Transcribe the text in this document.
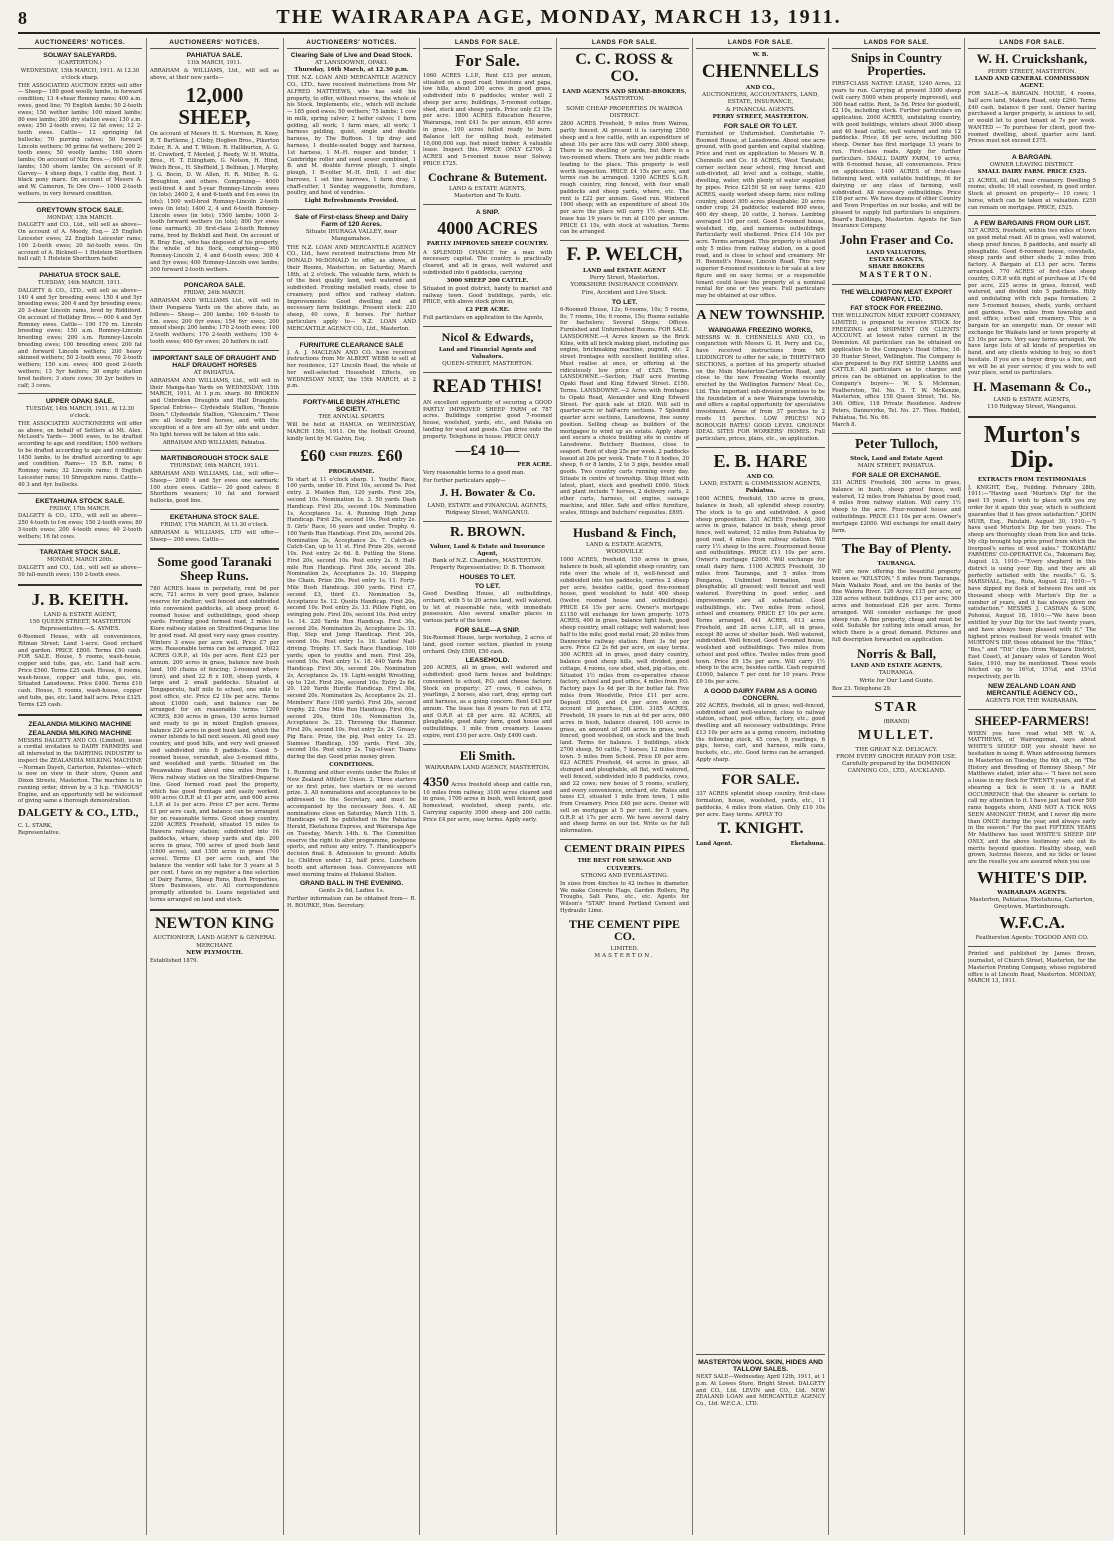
8	THE WAIRARAPA AGE, MONDAY, MARCH 13, 1911.
AUCTIONEERS' NOTICES.
SOLWAY SALEYARDS.
(CARTERTON.)
WEDNESDAY, 15th MARCH, 1911. At 12.30 o'clock sharp.
THE ASSOCIATED AUCTION EERS will offer— Sheep— 180 good woolly lambs, in forward condition; 13 4-shear Romney rams; 400 a.m. ewes, good line; 70 English lambs; 50 2-tooth ewes; 150 wether lambs; 100 mixed lambs; 80 ewe lambs; 200 dry station ewes; 130 s.m. ewes; 250 2-tooth ewes; 12 fat ewes; 12 2-tooth ewes. Cattle— 12 springing fat bullocks; 70 purring calves; 50 forward Lincoln wethers; 90 prime fat wethers; 200 2-tooth ewes; 50 woolly lambs; 160 shorn lambs; On account of Nitz Bros.—; 600 woolly lambs; 150 shorn lambs; On account of P. Garvey— 4 sheep dogs, 1 cattle dog, Reid. 1 black pony mare. On account of Messrs A. and W. Cameron, Te Ore Ore— 1000 2-tooth wethers, in very forward condition.
GREYTOWN STOCK SALE.
MONDAY, 13th MARCH.
DALGETY and CO., Ltd., will sell as above— On account of A. Moody, Esq.— 25 English Leicester ewes; 22 English Leicester rams; 100 2-tooth ewes; 20 fat-tooth ewes. On account of A. Bicknell— 1 Holstein Shorthorn bull calf; 1 Holstein Shorthorn heifer.
PAHIATUA STOCK SALE.
TUESDAY, 14th MARCH, 1911.
DALGETY & CO., LTD., will sell as above— 140 4 and 5yr breeding ewes; 150 4 and 5yr breeding ewes; 200 4 and 5yr breeding ewes; 20 3-shear Lincoln rams, bred by Riddiford. On account of Holliday Bros.— 600 4 and 5yr Romney ewes. Cattle— 190 170 rn. Lincoln breeding ewes; 150 a.m. Romney-Lincoln breeding ewes; 200 s.m. Romney-Lincoln breeding ewes; 100 breeding ewes; 200 fat and forward Lincoln wethers; 200 heavy skinned wethers; 50 2-tooth ewes; 70 2-tooth wethers; 150 s.m. ewes; 400 good 2-tooth wethers; 13 5yr heifers; 30 empty station bred heifers; 3 store cows; 30 2yr heifers in calf; 3 cows.
UPPER OPAKI SALE.
TUESDAY, 14th MARCH, 1911, At 12.30 o'clock.
THE ASSOCIATED AUCTIONEERS will offer as above, on behalf of Settlers at Mt. Alex. McLeod's Yards— 3600 ewes, to be drafted according to age and condition; 1500 wethers to be drafted according to age and condition; 1450 lambs, to be drafted according to age and condition. Rams— 15 B.R. rams; 6 Romney rams; 32 Lincoln rams; 8 English Leicester rams; 10 Shropshire rams. Cattle— 40 3 and 4yr. bullocks.
EKETAHUNA STOCK SALE.
FRIDAY, 17th MARCH.
DALGETY & CO., LTD., will sell as above— 250 4-tooth to f-m ewes; 150 2-tooth ewes; 80 5-tooth ewes; 200 4-tooth ewes; 40 2-tooth wethers; 16 fat cows.
TARATAHI STOCK SALE.
MONDAY, MARCH 20th.
DALGETY and CO., Ltd., will sell as above— 50 full-mouth ewes; 150 2-tooth ewes.
J. B. KEITH.
LAND & ESTATE AGENT,
150 QUEEN STREET, MASTERTON
Representative.—S. AYMES.
6-Roomed House, with all conveniences, Ritman Street; Land 1-acre. Good orchard and garden. PRICE £800. Terms £50 cash. FOR SALE. House, 5 rooms, wash-house, copper and tubs, gas, etc. Land half acre. Price £560. Terms £25 cash. House, 6 rooms, wash-house, copper and tubs, gas, etc. Situated Lansdowne. Price £400. Terms £10 cash. House, 5 rooms, wash-house, copper and tubs, gas, etc. Land half acre. Price £325. Terms £25 cash.
ZEALANDIA MILKING MACHINE
ZEALANDIA MILKING MACHINE
MESSRS DALGETY AND CO. (Limited), issue a cordial invitation to DAIRY FARMERS and all interested in the DAIRYING INDUSTRY to inspect the ZEALANDIA MILKING MACHINE—Norman Dayeh, Carterton, Patentee—which is now on view in their store, Queen and Dixon Streets, Masterton. The machine is in running order, driven by a 3 h.p. "FAMOUS" Engine, and an opportunity will be welcomed of giving same a thorough demonstration.
DALGETY & CO., LTD.,
C. L. STARK,
Representative.
AUCTIONEERS' NOTICES.
PAHIATUA SALE.
11th MARCH, 1911.
ABRAHAM & WILLIAMS, Ltd., will sell as above, at their new yards—
12,000 SHEEP,
On account of Messrs H. S. Morrison, R. Keey, R. T. Bartleme, J. Clisby, Hogben Bros., Pikerton Esler, R. A. and T. Wilson, R. Halliburton, A. G. H. Crawford, T. Mexted, J. Reedy, W. H. Whitta, Bros., H. T. Ellingham, G. Nelson, H. Hind, Welch Bros., H. Sheffield, J. Bellman, J. Murphy, J. G. Bocin, D. W. Allen, H. R. Miller, R. G. Broughton, and others. Comprising— 4000 well-bred 4 and 5-year Romney-Lincoln ewes (in lots); 2400 2, 4 and 6-tooth and f-m ewes (in lots); 1500 well-bred Romney-Lincoln 2-tooth ewes (in lots); 1400 2, 4 and 6-tooth Romney-Lincoln ewes (in lots); 1500 lambs; 1000 2-tooth forward wethers (in lots); 800 5yr ewes (one earmark); 30 first-class 2-tooth Romney rams, bred by Bickhill and Reid. On account of R. Bray Esq., who has disposed of his property, the whole of his flock, comprising— 900 Romney-Lincoln 2, 4 and 6-tooth ewes; 300 4 and 5yr ewes; 400 Romney-Lincoln ewe lambs; 300 forward 2-tooth wethers.
PONCAROA SALE.
FRIDAY, 24th MARCH.
ABRAHAM AND WILLIAMS Ltd., will sell in their Pongaroa Yards on the above date, as follows— Sheep— 200 lambs; 160 6-tooth to f.m. ewes; 200 6yr ewes; 154 6yr ewes; 200 mixed sheep; 200 lambs; 170 2-tooth ewes; 100 2-tooth wethers; 170 2-tooth wethers; 150 4-tooth ewes; 400 6yr ewes; 20 heifers in calf.
IMPORTANT SALE OF DRAUGHT AND HALF DRAUGHT HORSES
AT PAHIATUA.
ABRAHAM AND WILLIAMS, Ltd., will sell in their Manga-hao Yards on WEDNESDAY, 15th MARCH, 1911, At 1 p.m. sharp. 80 BROKEN and Unbroken Draughts and Half Draughts. Special Entries— Clydesdale Stallion, "Bonnie Doon." Clydesdale Stallion, "Glencairn." These are all locally bred horses, and with the exception of a few are all 5yr olds and under. No light horses will be taken at this sale.
ABRAHAM AND WILLIAMS, Pahiatua.
MARTINBOROUGH STOCK SALE
THURSDAY, 16th MARCH, 1911.
ABRAHAM AND WILLIAMS, Ltd., will offer— Sheep— 2000 4 and 5yr ewes one earmark; 100 store ewes. Cattle— 20 good calves; 8 Shorthorn weaners; 10 fat and forward bullocks, good line.
EKETAHUNA STOCK SALE.
FRIDAY, 17th MARCH, At 11.30 o'clock.
ABRAHAM & WILLIAMS, LTD will offer— Sheep— 200 ewes. Cattle—
Some good Taranaki Sheep Runs.
780 ACRES lease in perpetuity, rent 9d per acre, 721 acres in very good grass, balance reserve for shelter; well fenced and subdivided into convenient paddocks, all sheep proof; 6-roomed house and outbuildings, good sheep yards. Fronting good formed road, 3 miles to Kiore railway station on Stratford-Ongarue line by good road. All good very easy grass country. Winters 3 ewes per acre well. Price £7 per acre. Reasonable terms can be arranged. 1022 ACRES O.R.P., at 10s per acre. Rent £23 per annum. 200 acres in grass, balance new bush land. 100 chains of fencing; 2-roomed where (iron), and shed 22 ft x 10ft, sheep yards, 4 large and 2 small paddocks. Situated at Tongaporutu, half mile to school, one mile to post office, etc. Price £2 10s per acre. Terms about £1000 cash, and balance can be arranged for on reasonable terms. 1200 ACRES, 830 acres in grass, 150 acres burned and ready to go in mixed English grasses, balance 220 acres in good bush land, which the owner intends to fall next season. All good easy country, and good hills, and very well grassed and subdivided into 8 paddocks. Good 5-roomed house, verandah, also 3-roomed ditto, and woolshed and yards. Situated on the Pouawakino Road about nine miles from Te Wera railway station on the Stratford-Ongarue line. Good formed road past the property, which has good frontage and easily worked. 600 acres O.R.P. at £1 per acre, and 600 acres L.I.P. at 1s per acre. Price £7 per acre. Terms £1 per acre cash, and balance can be arranged for on reasonable terms. Good sheep country. 2200 ACRES Freehold, situated 15 miles to Hawera railway station; subdivided into 16 paddocks, whare, sheep yards and dip. 200 acres in grass, 700 acres of good bush land (1600 acres), and 1300 acres in grass (700 acres). Terms £1 per acre cash, and the balance the vendor will take for 5 years at 5 per cent. I have on my register a fine selection of Dairy Farms, Sheep Runs, Bush Properties, Store Businesses, etc. All correspondence promptly attended to. Loans negotiated and terms arranged on land and stock.
NEWTON KING
AUCTIONEER, LAND AGENT & GENERAL MERCHANT.
NEW PLYMOUTH.
Established 1879.
AUCTIONEERS' NOTICES.
Clearing Sale of Live and Dead Stock.
AT LANSDOWNE, OPAKI.
Thursday, 16th March, at 12.30 p.m.
THE N.Z. LOAN AND MERCANTILE AGENCY CO., LTD., have received instructions from Mr ALFRED MATTHEWS, who has sold his property, to offer, without reserve, the whole of his Stock, Implements, etc., which will include— 185 good ewes; 50 wethers; 75 lambs; 1 cow in milk, spring calver; 2 heifer calves; 1 farm gelding, all work; 1 farm mare, all work; 1 harness gelding, quiet, single and double harness, by The Buffoon. 1 tip dray and harness, 1 double-seated buggy and harness, 1st harness, 1 M.-H. reaper and binder, 1 Cambridge roller and seed sower combined, 1 B. and M. double furrow plough, 1 single plough, 1 B-colter M.-H. Drill, 1 set disc harrows, 1 set tine harrows, 1 farm dray, 1 chaff-cutter, 1 Sunday waggonette, furniture, poultry, and host of sundries.
Light Refreshments Provided.
Sale of First-class Sheep and Dairy Farm of 120 Acres.
Situate IHURAGA VALLEY, near Mangamahoe.
THE N.Z. LOAN AND MERCANTILE AGENCY CO., Ltd., have received instructions from Mr DONALD McDONALD to offer, as above, at their Rooms, Masterton, on Saturday, March 18th, at 2 o'clock. The valuable farm, which is of the best quality land, well watered and subdivided. Fronting metalled roads, close to creamery, post office and railway station. Improvements: Good dwelling and all necessary farm buildings. Present stock: 220 sheep, 40 cows, 8 horses. For further particulars apply to— N.Z. LOAN AND MERCANTILE AGENCY CO., Ltd., Masterton.
FURNITURE CLEARANCE SALE
J. A. J. MACLEAN AND CO. have received instructions from Mr ALBERT WEBB to sell at her residence, 127 Lincoln Road, the whole of her well-selected Household Effects, on WEDNESDAY NEXT, the 15th MARCH, at 2 p.m.
FORTY-MILE BUSH ATHLETIC SOCIETY.
THE ANNUAL SPORTS
Will be held at HAMUA on WEDNESDAY, MARCH 15th, 1911. On the football Ground, kindly lent by M. Galvin, Esq.
£60 CASH PRIZES. £60
PROGRAMME.
To start at 11 o'clock sharp. 1. Youths' Race, 100 yards, under 16. First 10s, second 5s. Post entry. 2. Maiden Run, 120 yards. First 20s, second 10s. Nomination 1s. 3. 50 yards Dash Handicap. First 20s, second 10s. Nomination 1s, Acceptance 1s. 4. Running High Jump Handicap. First 25s, second 10s. Post entry 2s. 5. Girls' Race, 16 years and under. Trophy. 6. 100 Yards Run Handicap. First 20s, second 20s. Nomination 2s, Acceptance 2s. 7. Catch-as-Catch-Can, up to 11 st. First Prize 20s, second 10s. Post entry 2s 6d. 8. Putting the Stone. First 20s, second 10s. Post entry 2s. 9. Half-mile Run Handicap. First 30s, second 20s. Nomination 2s, Acceptance 2s. 10. Stepping the Chain. Prize 20s. Post entry 1s. 11. Forty-Mile Bush Handicap. 300 yards. First £7, second £3, third £1. Nomination 5s, Acceptance 5s. 12. Quoits Handicap. First 20s, second 10s. Post entry 2s. 13. Pillow Fight, on swinging pole. First 20s, second 10s. Post entry 1s. 14. 220 Yards Run Handicap. First 30s, second 20s. Nomination 2s, Acceptance 2s. 15. Hop, Step and Jump Handicap. First 20s, second 10s. Post entry 1s. 16. Ladies' Nail-driving. Trophy. 17. Sack Race Handicap. 100 yards; open to youths and men. First 20s, second 10s. Post entry 1s. 18. 440 Yards Run Handicap. First 30s, second 20s. Nomination 2s, Acceptance 2s. 19. Light-weight Wrestling, up to 12st. First 20s, second 10s. Entry 2s 6d. 20. 120 Yards Hurdle Handicap. First 30s, second 20s. Nomination 2s, Acceptance 2s. 21. Members' Race (100 yards). First 20s, second trophy. 22. One Mile Run Handicap. First 60s, second 20s, third 10s. Nomination 3s, Acceptance 3s. 23. Throwing the Hammer. First 20s, second 10s. Post entry 2s. 24. Greasy Pig Race. Prize, the pig. Post entry 1s. 25. Siamese Handicap, 150 yards. First 30s, second 10s. Post entry 2s. Tug-of-war: Teams during the day. Good prize money given.
CONDITIONS.
1. Running and other events under the Rules of New Zealand Athletic Union. 2. Three starters or no first prize, two starters or no second prize. 3. All nominations and acceptances to be addressed to the Secretary, and must be accompanied by the necessary fees. 4. All nominations close on Saturday, March 11th. 5. Handicaps will be published in the Pahiatua Herald, Eketahuna Express, and Wairarapa Age on Tuesday, March 14th. 6. The Committee reserve the right to alter programme, postpone sports, and refuse any entry. 7. Handicapper's decision final. 8. Admission to ground: Adults 1s; Children under 12, half price. Luncheon booth and afternoon teas. Conveyances will meet morning trains at Hukanui Station.
GRAND BALL IN THE EVENING.
Gents 2s 6d, Ladies 1s.
Further information can be obtained from— R. H. BOURKE, Hon. Secretary.
LANDS FOR SALE.
For Sale.
1060 ACRES L.I.P., Rent £33 per annum, situated on a good road; limestone and papa, low hills, about 200 acres in good grass, subdivided into 6 paddocks; winter well 2 sheep per acre; buildings, 5-roomed cottage, shed, stock and sheep yards. Price only £3 15s per acre. 1800 ACRES Education Reserve, Wairarapa, rent £41 5s per annum, 450 acres in grass, 100 acres felled ready to burn. Balance left for milling bush, estimated 10,000,000 sup. feet mixed timber. A valuable lease. Inspect this. PRICE ONLY £2700. 2 ACRES and 5-roomed house near Solway. PRICE £725.
Cochrane & Butement.
LAND & ESTATE AGENTS,
Masterton and Te Kuiti.
A SNIP.
4000 ACRES
PARTLY IMPROVED SHEEP COUNTRY.
A SPLENDID CHANCE for a man with necessary capital. The country is practically cleared, and all in grass, well watered and subdivided into 6 paddocks, carrying
3000 SHEEP 200 CATTLE.
Situated in good district, handy to market and railway town. Good buildings, yards, etc. PRICE, with above stock given in,
£2 PER ACRE.
Full particulars on application to the Agents,
Nicol & Edwards,
Land and Financial Agents and Valuators.
QUEEN-STREET, MASTERTON.
READ THIS!
AN excellent opportunity of securing a GOOD PARTLY IMPROVED SHEEP FARM of 787 acres. Buildings comprise good 7-roomed house, woolshed, yards, etc., and Pataka on landing for wool and goods. Can drive onto the property. Telephone in house. PRICE ONLY
—£4 10—
PER ACRE.
Very reasonable terms to a good man.
For further particulars apply—
J. H. Bowater & Co.
LAND, ESTATE and FINANCIAL AGENTS,
Ridgway Street, WANGANUI.
R. BROWN.
Valuer, Land & Estate and Insurance Agent,
Bank of N.Z. Chambers, MASTERTON.
Property Representative: D. B. Thomson
HOUSES TO LET.
TO LET.
Good Dwelling House, all outbuildings, orchard, with 5 to 20 acres land, well watered, to let at reasonable rate, with immediate possession. Also several smaller places in various parts of the town.
FOR SALE—A SNIP.
Six-Roomed House, large workshop, 2 acres of land, good corner section, planted in young orchard. Only £500, £50 cash.
LEASEHOLD.
200 ACRES, all in grass, well watered and subdivided; good farm house and buildings; convenient to school, P.O. and cheese factory. Stock on property: 27 cows, 6 calves, 6 yearlings, 2 horses, also cart, dray, spring cart and harness, as a going concern. Rent £43 per annum. The lease has 8 years to run at £72, and O.R.P. at £8 per acre. 82 ACRES, all ploughable, good dairy farm, good house and outbuildings, 1 mile from creamery. Leases expire, rent £10 per acre. Only £400 cash.
Eli Smith.
WAIRARAPA LAND AGENCY, MASTERTON.
4350 Acres freehold sheep and cattle run, 10 miles from railway, 3100 acres cleared and in grass, 1700 acres in bush, well fenced, good homestead, woolshed, sheep yards, etc. Carrying capacity 3500 sheep and 200 cattle. Price £4 per acre, easy terms. Apply early.
LANDS FOR SALE.
C. C. ROSS & CO.
LAND AGENTS AND SHARE-BROKERS,
MASTERTON.
SOME CHEAP PROPERTIES IN WAIROA DISTRICT.
2800 ACRES Freehold, 9 miles from Wairoa, partly fenced. At present it is carrying 2500 sheep and a few cattle, with an expenditure of about 10s per acre this will carry 3000 sheep. There is no dwelling or yards, but there is a two-roomed where. There are two public roads leading to the place. This property is well worth inspection. PRICE £4 15s per acre, and terms can be arranged. 1200 ACRES S.G.R. rough country, ring fenced, with four small paddocks and sheep yards, where, etc. The rent is £22 per annum. Good run. Wintered 1900 sheep; with an expenditure of about 10s per acre the place will carry 1½ sheep. The lease has 19 years to run at £100 per annum. PRICE £1 15s, with stock at valuation. Terms can be arranged.
F. P. WELCH,
LAND and ESTATE AGENT
Perry Street, Masterton.
YORKSHIRE INSURANCE COMPANY.
Fire, Accident and Live Stock.
TO LET.
6-Roomed House, 12s; 6-rooms, 10s; 5 rooms, 8s; 7 rooms, 16s; 6 rooms, 15s; Rooms suitable for bachelors; Several Shops; Offices. Furnished and Unfurnished Rooms. FOR SALE. LANSDOWNE.—4 Acres known as the Brick Kilns, with all brick making plant, including gas engine, brickmaking machine, pugmill, etc. 2 street frontages with excellent building sites. Must realise at once, or offering at the ridiculously low price of £525. Terms. LANSDOWNE.—Section, Half acre fronting Opaki Road and King Edward Street. £150. Terms. LANSDOWNE.—2 Acres with frontages to Opaki Road, Alexander and King Edward Street. For quick sale at £620. Will sell in quarter-acre or half-acre sections. 7 Splendid quarter acre sections, Lansdowne, fine sunny position. Selling cheap as builders of the mortgagee to wind up an estate. Apply sharp and secure a choice building site in centre of Lansdowne. Butchery Business, close to seaport. Rent of shop 25s per week. 2 paddocks leased at 20s per week. Trade 7 to 8 bodies, 30 sheep, 6 or 8 lambs, 2 to 3 pigs, besides small goods. Two country carts running every day. Situate in centre of township. Shop fitted with latest, plant, stock and goodwill £600. Stock and plant include 7 horses, 2 delivery carts, 2 other carts, harness, oil engine, sausage machine, and filler. Safe and office furniture, scales, fittings and butchers' requisites. £895.
Husband & Finch,
LAND & ESTATE AGENTS,
WOODVILLE
1000 ACRES, freehold, 150 acres in grass, balance in bush, all splendid sheep country, can ride over the whole of it, well-fenced and subdivided into ten paddocks, carries 2 sheep per acre, besides cattle, good five-roomed house, good woolshed to hold 400 sheep (twelve roomed house and outbuildings). PRICE £4 15s per acre. Owner's mortgage £1150 will exchange for town property. 1075 ACRES, 400 in grass, balance light bush, good sheep country, small cottage; well watered; less half to the mile; good metal road; 20 miles from Dannevirke railway station. Rent 3s 9d per acre. Price £2 2s 6d per acre, on easy terms. 300 ACRES all in grass, good dairy country, balance good sheep hills, well divided, good cottage, 4 rooms, cow shed, shed, pig-sties, etc. Situated 1½ miles from co-operative cheese factory, school and post office, 4 miles from P.O. Factory pays 1s 4d per lb for butter fat. Five miles from Woodville, Price £11 per acre. Deposit £500, and £4 per acre down on account of purchase, £300. 3185 ACRES, Freehold, 16 years to run at 6d per acre, 660 acres in bush, balance cleared, 100 acres in grass, an amount of 200 acres in grass, well fenced, good woolshed, on stock and the bush land. Terms for balance. 1 buildings, stock 2700 sheep, 50 cattle, 7 horses; 12 miles from town. 5 miles from School. Price £6 per acre. 623 ACRES Freehold, 44 acres in grass, all stumped and ploughable, all flat, well watered, well fenced, subdivided into 8 paddocks, cows, and 22 cows; new house of 5 rooms, scullery, and every convenience, orchard, etc. Rates and taxes £3, situated 1 mile from town, 1 mile from Creamery. Price £40 per acre. Owner will sell on mortgage at 5 per cent. for 5 years. O.R.P. at 17s per acre. We have several dairy and sheep farms on our list. Write us for full information.
CEMENT DRAIN PIPES
THE BEST FOR SEWAGE AND CULVERTS.
STRONG AND EVERLASTING.
In sizes from 4inches to 42 inches in diameter. We make Concrete Flags, Garden Rollers, Pig Troughs, Salt Pans, etc., etc. Agents for Wilson's "STAR" brand Portland Cement and Hydraulic Lime.
THE CEMENT PIPE CO.
LIMITED.
MASTERTON.
LANDS FOR SALE.
W. B.
CHENNELLS
AND CO.,
AUCTIONEERS, ACCOUNTANTS, LAND, ESTATE, INSURANCE,
& FINANCIAL AGENTS.
PERRY STREET, MASTERTON.
FOR SALE OR TO LET.
Furnished or Unfurnished. Comfortable 7-Roomed House, at Lansdowne. About one acre ground, with good garden and capital stabling. Price and rent on application to Messrs W. B. Chennells and Co. 18 ACRES, West Taratahi, corner section near school, ring fenced and sub-divided, all level and a cottage, stable, dwelling, water, with plenty of water supplied by pipes. Price £2150 SI on easy terms. 420 ACRES, easily worked sheep farm; nice rolling country, about 300 acres ploughable; 20 acres under crop; 24 paddocks; watered 600 ewes, 400 dry sheep, 20 cattle, 2 horses. Lambing averaged 116 per cent. Good 5-roomed house, woolshed, dip, and numerous outbuildings. Particularly well sheltered. Price £14 10s per acre. Terms arranged. This property is situated only 5 miles from railway station, on a good road, and is close to school and creamery. Mr H. Bennett's House, Lincoln Road. This very superior 6-roomed residence is for sale at a low figure and on easy terms; or a responsible tenant could lease the property at a nominal rental for one or two years. Full particulars may be obtained at our office.
A NEW TOWNSHIP.
WAINGAWA FREEZING WORKS,
MESSRS W. B. CHENNELLS AND CO., in conjunction with Messrs G. H. Perry and Co., have received instructions from MR LIDDINGTON to offer for sale, in THIRTY-TWO SECTIONS, a portion of his property situated on the Main Masterton-Carterton Road, and close to the new Freezing Works recently erected by the Wellington Farmers' Meat Co., Ltd. This important sub-division promises to be the foundation of a new Wairarapa township, and offers a capital opportunity for speculative investment. Areas of from 37 perches to 2 roods 15 perches. LOW PRICES! NO BOROUGH RATES! GOOD LEVEL GROUND! IDEAL SITES FOR WORKERS' HOMES. Full particulars, prices, plans, etc., on application.
E. B. HARE
AND CO.
LAND, ESTATE & COMMISSION AGENTS,
Pahiatua.
1000 ACRES, freehold, 150 acres in grass, balance in bush, all splendid sheep country. The stock is to go and subdivided. A good sheep proposition. 331 ACRES Freehold, 300 acres in grass, balance in bush, sheep proof fence, well watered, 12 miles from Pahiatua by good road, 4 miles from railway station. Will carry 1½ sheep to the acre. Fourroomed house and outbuildings. PRICE £11 10s per acre. Owner's mortgage £2000. Will exchange for small dairy farm. 1100 ACRES Freehold, 30 miles from Tauranga, and 5 miles from Pongaroa, Unlimited formation, most ploughable; all grassed; well fenced and well watered. Everything in good order, and improvements are all substantial. Good outbuildings, etc. Two miles from school, school and creamery. PRICE £7 10s per acre. Terms arranged. 641 ACRES, 613 acres Freehold, and 28 acres L.I.P., all in grass, except 80 acres of shelter bush. Well watered, subdivided. Well fenced. Good 6-roomed house, woolshed and outbuildings. Two miles from school and post office. Twelve miles from good town. Price £9 15s per acre. Will carry 1½ sheep to the acre, besides cattle. Cash required £1000, balance 7 per cent for 10 years. Price £9 16s per acre.
A GOOD DAIRY FARM AS A GOING CONCERN.
202 ACRES, freehold, all in grass; well-fenced, subdivided and well-watered; close to railway station, school, post office, factory, etc.; good dwelling and all necessary outbuildings. Price £13 10s per acre as a going concern, including the following stock, 45 cows, 6 yearlings, 6 pigs, horse, cart, and harness, milk cans, buckets, etc., etc. Good terms can be arranged. Apply sharp.
FOR SALE.
337 ACRES splendid sheep country, first-class formation, house, woolshed, yards, etc., 11 paddocks, 4 miles from station. Only £10 10s per acre. Easy terms. APPLY TO
T. KNIGHT.
Land Agent.	Eketahuna.
LANDS FOR SALE.
Snips in Country Properties.
FIRST-CLASS NATIVE LEASE, 1240 Acres, 22 years to run. Carrying at present 3300 sheep (will carry 5000 when properly improved), and 300 head cattle. Rent, 3s 5d. Price for goodwill, £2 10s, including stock. Further particulars on application. 2000 ACRES, undulating country, with good buildings, winters about 3000 sheep and 40 head cattle, well watered and into 12 paddocks. Price, £6 per acre, including 500 sheep. Owner has first mortgage 13 years to run. First-class roads. Apply for further particulars. SMALL DAIRY FARM, 19 acres, with 6-roomed house, all conveniences. Price on application. 1400 ACRES of first-class fattening land, with suitable buildings, fit for dairying or any class of farming, well subdivided. All necessary outbuildings. Price £18 per acre. We have dozens of other Country and Town Properties on our books, and will be pleased to supply full particulars to enquirers. Board's Buildings, Masterton. Agents for Sun Insurance Company.
John Fraser and Co.
LAND VALUATORS,
ESTATE AGENTS,
SHARE BROKERS
MASTERTON.
THE WELLINGTON MEAT EXPORT COMPANY, LTD.
FAT STOCK FOR FREEZING.
THE WELLINGTON MEAT EXPORT COMPANY, LIMITED, is prepared to receive STOCK for FREEZING and SHIPMENT ON CLIENTS' ACCOUNT, at lowest rates current in the Dominion. All particulars can be obtained on application to the Company's Head Office, 18-20 Hunter Street, Wellington. The Company is also prepared to Buy FAT SHEEP, LAMBS and CATTLE. All particulars as to charges and prices can be obtained on application to the Company's buyers— W. S. Mclennan, Featherston, Tel. No. 5. T. W. McKenzie, Masterton, office 158 Queen Street, Tel. No. 346. Office, 118 Private Residence. Andrew Peters, Dannevirke, Tel. No. 27. Thos. Riddell, Pahiatua, Tel. No. 66.
March 8.
Peter Tulloch,
Stock, Land and Estate Agent
MAIN STREET, PAHIATUA.
FOR SALE OR EXCHANGE.
331 ACRES Freehold, 300 acres in grass, balance in bush, sheep proof fence, well watered, 12 miles from Pahiatua by good road, 4 miles from railway station. Will carry 1½ sheep to the acre. Four-roomed house and outbuildings. PRICE £11 10s per acre. Owner's mortgage £2000. Will exchange for small dairy farm.
The Bay of Plenty.
TAURANGA.
WE are now offering the beautiful property known as "KELSTON," 5 miles from Tauranga, Main Waikato Road, and on the banks of the fine Waiora River. 126 Acres; £15 per acre, or 328 acres without buildings, £11 per acre; 300 acres and homestead £26 per acre. Terms arranged. Will consider exchange for good sheep run. A fine property, cheap and must be sold. Suitable for cutting into small areas, for which there is a great demand. Pictures and full description forwarded on application.
Norris & Ball,
LAND AND ESTATE AGENTS,
TAURANGA.
Write for Our Land Guide.
Box 23. Telephone 29.
STAR
(BRAND)
MULLET.
THE GREAT N.Z. DELICACY.
FROM EVERY GROCER READY FOR USE.
Carefully prepared by the DOMINION CANNING CO., LTD., AUCKLAND.
MASTERTON WOOL SKIN, HIDES AND TALLOW SALES.
NEXT SALE—Wednesday, April 12th, 1911, at 1 p.m. At Lowes Store, Bright Street. DALGETY and CO., Ltd. LEVIN and CO., Ltd. NEW ZEALAND LOAN and MERCANTILE AGENCY Co., Ltd. W.F.C.A., LTD.
LANDS FOR SALE.
W. H. Cruickshank,
PERRY STREET, MASTERTON.
LAND AND GENERAL COMMISSION AGENT.
FOR SALE—A BARGAIN. HOUSE, 4 rooms, half acre land, Makora Road, only £290. Terms £40 cash, balance 6 per cent. Owner having purchased a larger property, is anxious to sell, or would let to good tenant at 7s per week. WANTED — To purchase for client, good five-roomed dwelling, about quarter acre land. Prices must not exceed £375.
A BARGAIN.
OWNER LEAVING DISTRICT.
SMALL DAIRY FARM. PRICE £525.
21 ACRES, all flat, near creamery. Dwelling 5 rooms; sheds; 16 stall cowshed, in good order. Stock at present on property— 10 cows; 1 horse, which can be taken at valuation. £250 can remain on mortgage. PRICE, £525.
A FEW BARGAINS FROM OUR LIST.
527 ACRES, freehold, within two miles of town on good metal road. All in grass, well watered, sheep proof fences, 8 paddocks, and nearly all ploughable. Good 6-roomed house, cowshells, sheep yards and other sheds; 2 miles from factory. A Bargain at £13 per acre. Terms arranged. 770 ACRES of first-class sheep country, O.R.P. with right of purchase at 17s 6d per acre, 225 acres in grass, fenced, well watered, and divided into 5 paddocks. Hilly and undulating with rich papa formation; 2 new 5-roomed houses, sheds, yards, orchard and gardens. Two miles from township and post office, school and creamery. This is a bargain for an energetic man. Or owner will exchange for Waikato land or town property at £3 10s per acre. Very easy terms arranged. We have large lists of all kinds of properties on hand, and any clients wishing to buy, so don't hesitate. If you are a buyer drop us a line, and we will be at your service; if you wish to sell your place, send us particulars.
H. Masemann & Co.,
LAND & ESTATE AGENTS,
110 Ridgway Street, Wanganui.
Murton's Dip.
EXTRACTS FROM TESTIMONIALS
J. KNIGHT, Esq., Feilding. February 28th, 1911:—"Having used 'Murton's Dip' for the past 15 years, I wish to place with you my order for it again this year, which is sufficient guarantee that it has given satisfaction." JOHN MUIR, Esq., Patutahi, August 30, 1910:—"I have used Murton's Dip for two years. The sheep are thoroughly clean from lice and ticks. My clip brought top price proof from which the liverpool's series of wool sales." TOKOMARU FARMERS' CO-OPERATIVE Co., Tokomaru Bay, August 13, 1910:—"Every shepherd in this district is using your Dip, and they are all perfectly satisfied with the results." G. S. MARSHALL, Esq., Ruta, August 22, 1910:—"I have dipped my flock of between five and six thousand sheep with Murton's Dip for a number of years, and it has always given me satisfaction." MESSRS J. CASHAN & SON, Pohonui, August 18, 1910:—"We have been entitled by your Dip for the last twenty years, and have always been pleased with it." The highest prices realised for wools treated with MURTON'S DIP, those obtained for the "Hiku," "Bes," and "Titi" clips (from Waipara District, East Coast), at January sales of London Wool Sales, 1910, may be mentioned. These wools fetched up to 16½d, 15¼d, and 15¼d respectively, per lb.
NEW ZEALAND LOAN AND MERCANTILE AGENCY CO.,
AGENTS FOR THE WAIRARAPA.
SHEEP-FARMERS!
WHEN you have read what MR W. A. MATTHEWS, of Wairongomai, says about WHITE'S SHEEP DIP, you should have no hesitation in using it. When addressing farmers in Masterton on Tuesday, the 6th ult., on "The History and Breeding of Romney Sheep," Mr Matthews stated, inter alia:— "I have not seen a louse in my flock for TWENTY years, and if at shearing a tick is seen it is a RARE OCCURRENCE that the shearer is certain to call my attention to it. I have just had over 500 rams hoggets shorn, AND NOT A TICK WAS SEEN AMONGST THEM, and I never dip more than ONCE during the year, and always early in the season." For the past FIFTEEN YEARS Mr Matthews has used WHITE'S SHEEP DIP ONLY, and the above testimony sets out its merits beyond question. Healthy sheep, well grown, lustrous fleeces, and no ticks or louse are the results you are assured when you use
WHITE'S DIP.
WAIRARAPA AGENTS.
Masterton, Pahiatua, Eketahuna, Carterton, Greytown, Martinborough.
W.F.C.A.
Featherston Agents: TOGOOD AND CO.
Printed and published by James Brown, journalist, of Church Street, Masterton, for the Masterton Printing Company, whose registered office is at Lincoln Road, Masterton. MONDAY, MARCH 13, 1911.
